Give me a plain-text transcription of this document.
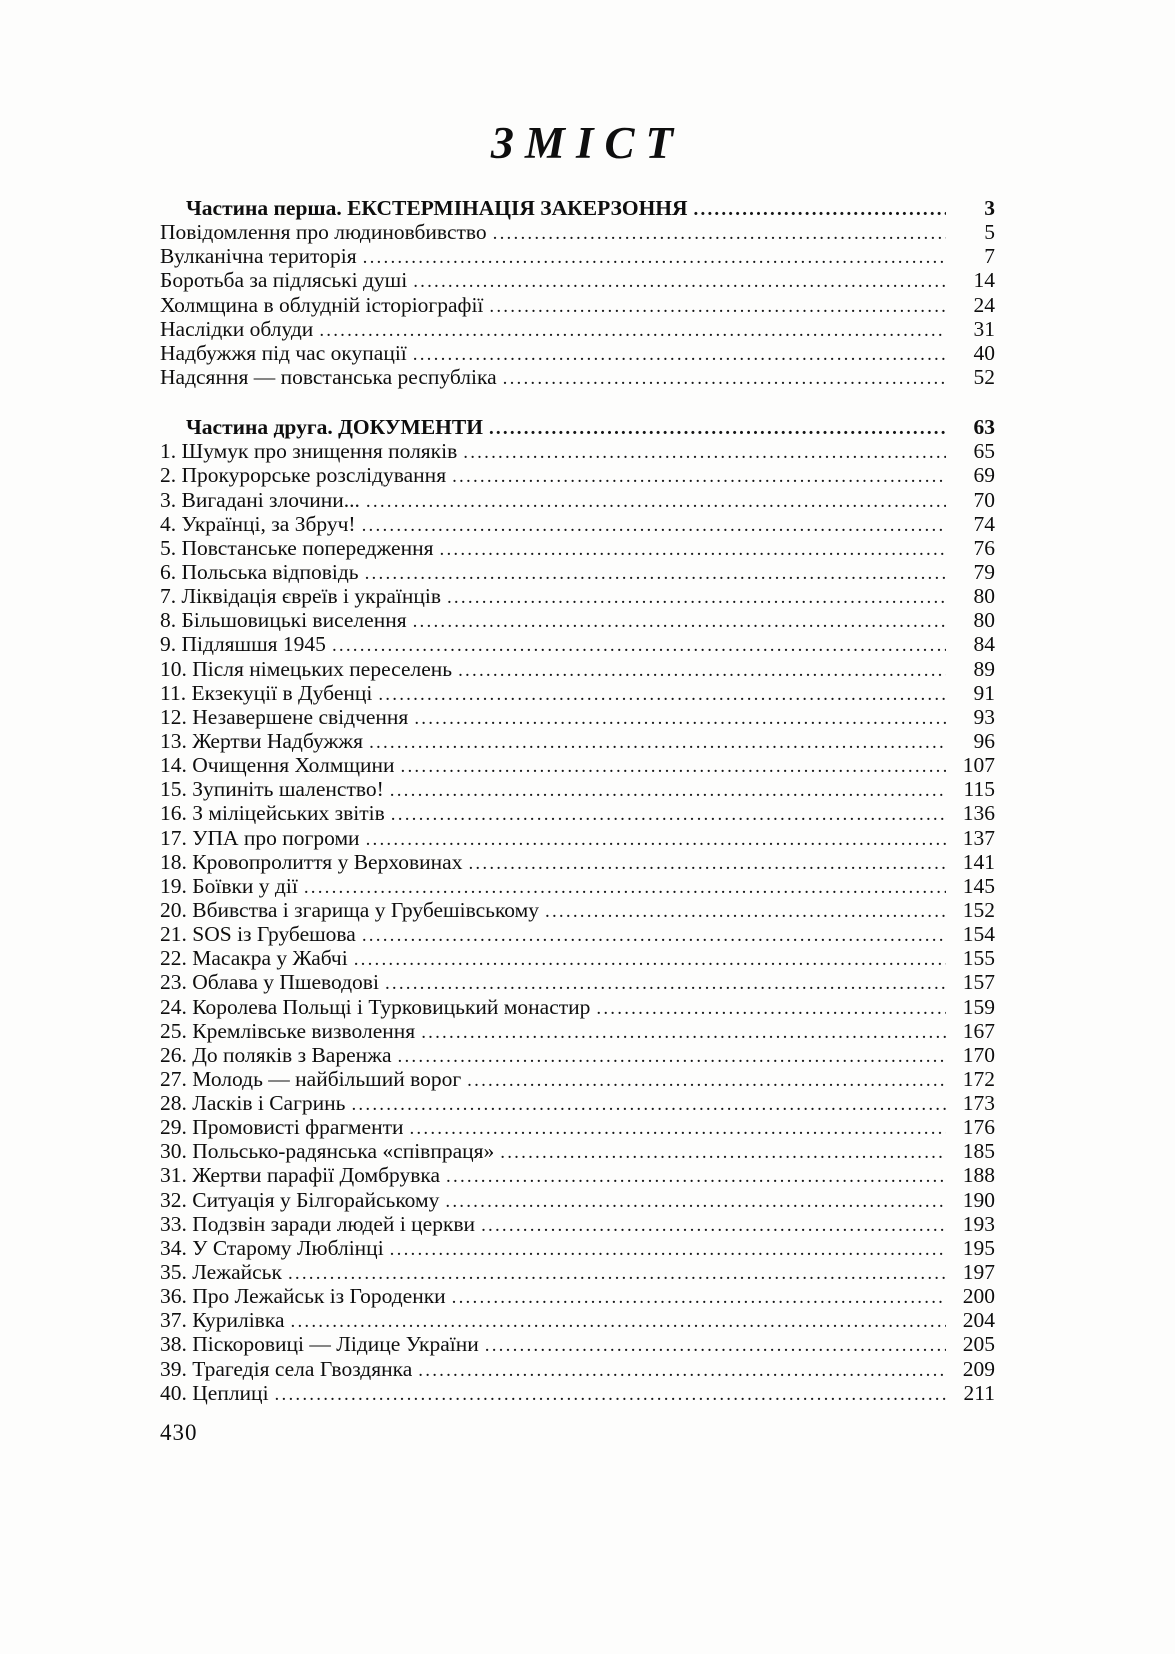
ЗМІСТ
Частина перша. ЕКСТЕРМІНАЦІЯ ЗАКЕРЗОННЯ .....	3
Повідомлення про людиновбивство .....	5
Вулканічна територія .....	7
Боротьба за підляські душі .....	14
Холмщина в облудній історіографії .....	24
Наслідки облуди .....	31
Надбужжя під час окупації .....	40
Надсяння — повстанська республіка .....	52
Частина друга. ДОКУМЕНТИ .....	63
1. Шумук про знищення поляків .....	65
2. Прокурорське розслідування .....	69
3. Вигадані злочини... .....	70
4. Українці, за Збруч! .....	74
5. Повстанське попередження .....	76
6. Польська відповідь .....	79
7. Ліквідація євреїв і українців .....	80
8. Більшовицькі виселення .....	80
9. Підляшшя 1945 .....	84
10. Після німецьких переселень .....	89
11. Екзекуції в Дубенці .....	91
12. Незавершене свідчення .....	93
13. Жертви Надбужжя .....	96
14. Очищення Холмщини .....	107
15. Зупиніть шаленство! .....	115
16. З міліцейських звітів .....	136
17. УПА про погроми .....	137
18. Кровопролиття у Верховинах .....	141
19. Боївки у дії .....	145
20. Вбивства і згарища у Грубешівському .....	152
21. SOS із Грубешова .....	154
22. Масакра у Жабчі .....	155
23. Облава у Пшеводові .....	157
24. Королева Польщі і Турковицький монастир .....	159
25. Кремлівське визволення .....	167
26. До поляків з Варенжа .....	170
27. Молодь — найбільший ворог .....	172
28. Ласків і Сагринь .....	173
29. Промовисті фрагменти .....	176
30. Польсько-радянська «співпраця» .....	185
31. Жертви парафії Домбрувка .....	188
32. Ситуація у Білгорайському .....	190
33. Подзвін заради людей і церкви .....	193
34. У Старому Люблінці .....	195
35. Лежайськ .....	197
36. Про Лежайськ із Городенки .....	200
37. Курилівка .....	204
38. Піскоровиці — Лідице України .....	205
39. Трагедія села Гвоздянка .....	209
40. Цеплиці .....	211
430
